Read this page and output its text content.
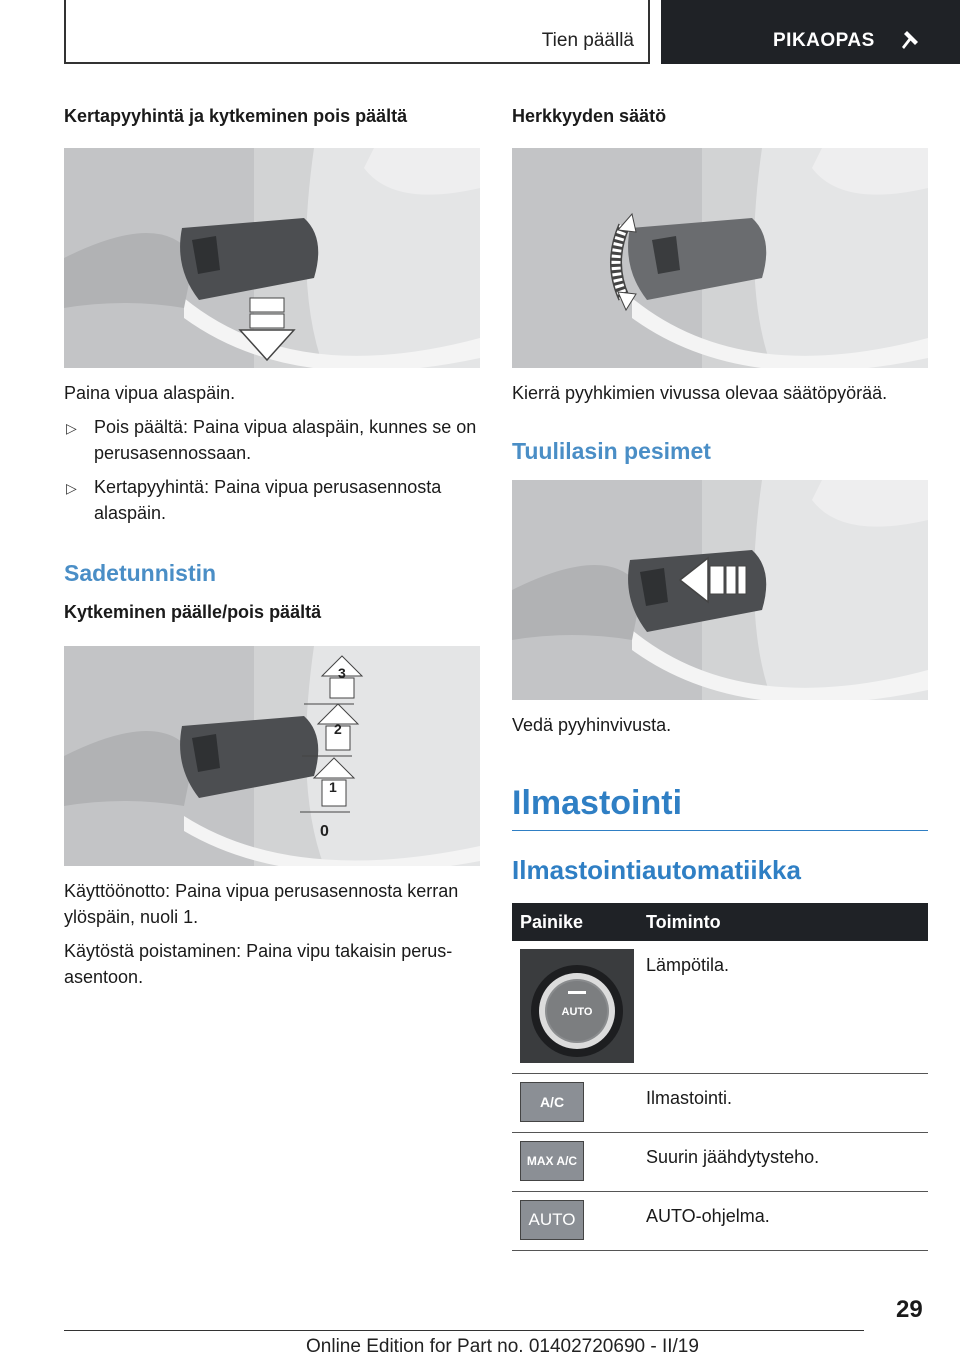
Tien päällä	PIKAOPAS
Kertapyyhintä ja kytkeminen pois päältä

Paina vipua alaspäin.

▷ Pois päältä: Paina vipua alaspäin, kunnes se on perusasennossaan.
▷ Kertapyyhintä: Paina vipua perusasennosta alaspäin.
Sadetunnistin
Kytkeminen päälle/pois päältä
3
2
1
0

Käyttöönotto: Paina vipua perusasennosta kerran ylöspäin, nuoli 1.

Käytöstä poistaminen: Paina vipu takaisin perusasentoon.

Herkkyyden säätö

Kierrä pyyhkimien vivussa olevaa säätöpyörää.

Tuulilasin pesimet

Vedä pyyhinvivusta.

Ilmastointi
Ilmastointiautomatiikka
Painike	Toiminto

AUTO	Lämpötila.

A/C	Ilmastointi.

MAX A/C	Suurin jäähdytysteho.

AUTO	AUTO-ohjelma.
29
Online Edition for Part no. 01402720690 - II/19
